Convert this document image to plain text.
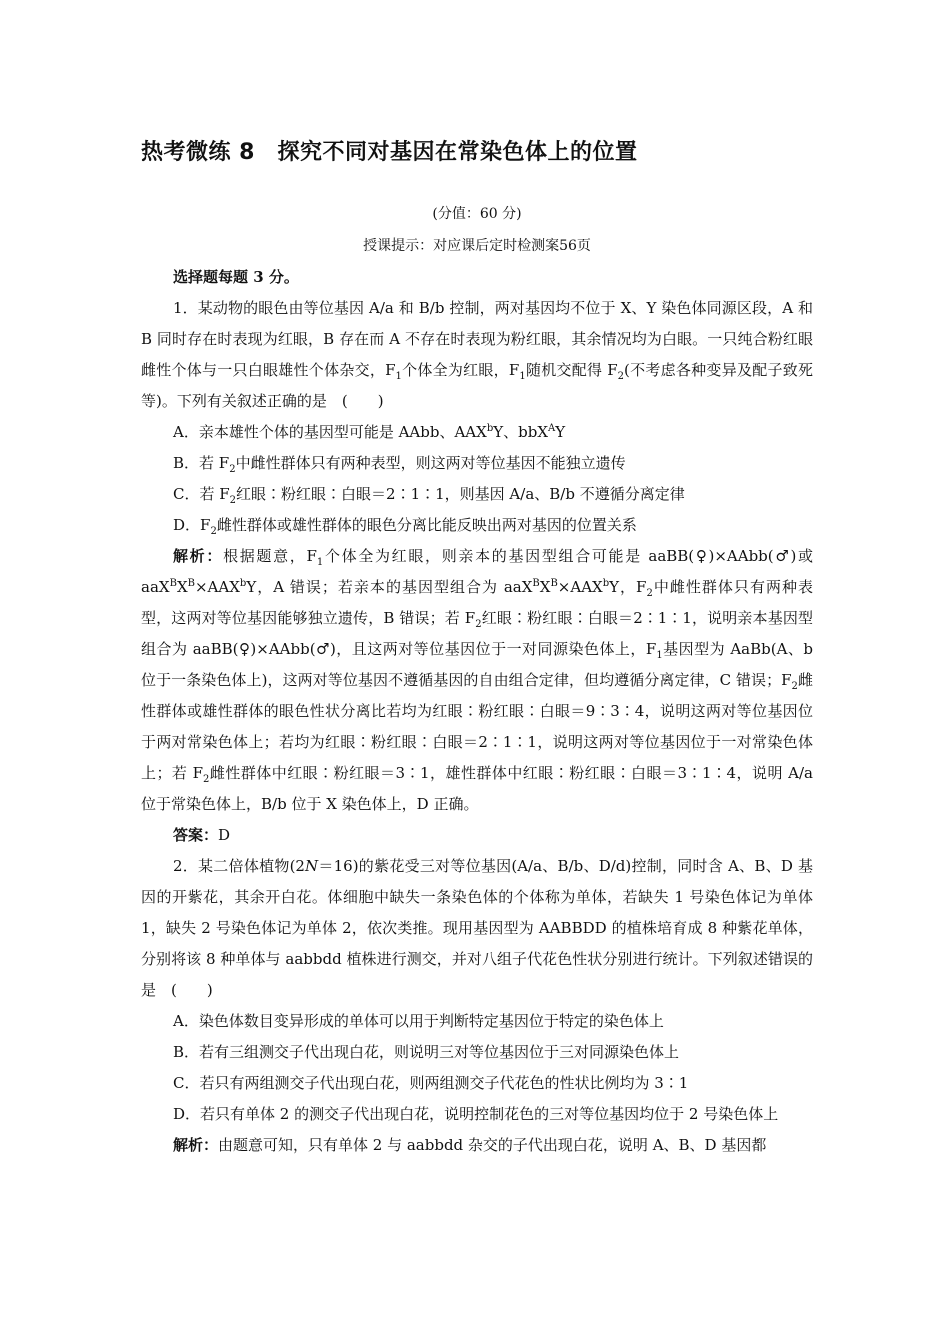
热考微练 8　探究不同对基因在常染色体上的位置
(分值：60 分)
授课提示：对应课后定时检测案56页

选择题每题 3 分。

1．某动物的眼色由等位基因 A/a 和 B/b 控制，两对基因均不位于 X、Y 染色体同源区段，A 和 B 同时存在时表现为红眼，B 存在而 A 不存在时表现为粉红眼，其余情况均为白眼。一只纯合粉红眼雌性个体与一只白眼雄性个体杂交，$F_1$个体全为红眼，$F_1$随机交配得 $F_2$(不考虑各种变异及配子致死等)。下列有关叙述正确的是　(　　)

A．亲本雄性个体的基因型可能是 AAbb、AAX$^b$Y、bbX$^A$Y

B．若 $F_2$中雌性群体只有两种表型，则这两对等位基因不能独立遗传

C．若 $F_2$红眼∶粉红眼∶白眼＝2∶1∶1，则基因 A/a、B/b 不遵循分离定律

D．$F_2$雌性群体或雄性群体的眼色分离比能反映出两对基因的位置关系

解析：根据题意，$F_1$个体全为红眼，则亲本的基因型组合可能是 aaBB(♀)×AAbb(♂)或 $aaX^BX^B\times AAX^bY$，A 错误；若亲本的基因型组合为 $aaX^BX^B\times AAX^bY$，$F_2$中雌性群体只有两种表型，这两对等位基因能够独立遗传，B 错误；若 $F_2$红眼∶粉红眼∶白眼＝2∶1∶1，说明亲本基因型组合为 aaBB(♀)×AAbb(♂)，且这两对等位基因位于一对同源染色体上，$F_1$基因型为 AaBb(A、b 位于一条染色体上)，这两对等位基因不遵循基因的自由组合定律，但均遵循分离定律，C 错误；$F_2$雌性群体或雄性群体的眼色性状分离比若均为红眼∶粉红眼∶白眼＝9∶3∶4，说明这两对等位基因位于两对常染色体上；若均为红眼∶粉红眼∶白眼＝2∶1∶1，说明这两对等位基因位于一对常染色体上；若 $F_2$雌性群体中红眼∶粉红眼＝3∶1，雄性群体中红眼∶粉红眼∶白眼＝3∶1∶4，说明 A/a 位于常染色体上，B/b 位于 X 染色体上，D 正确。

答案：D

2．某二倍体植物(2N＝16)的紫花受三对等位基因(A/a、B/b、D/d)控制，同时含 A、B、D 基因的开紫花，其余开白花。体细胞中缺失一条染色体的个体称为单体，若缺失 1 号染色体记为单体 1，缺失 2 号染色体记为单体 2，依次类推。现用基因型为 AABBDD 的植株培育成 8 种紫花单体，分别将该 8 种单体与 aabbdd 植株进行测交，并对八组子代花色性状分别进行统计。下列叙述错误的是　(　　)

A．染色体数目变异形成的单体可以用于判断特定基因位于特定的染色体上

B．若有三组测交子代出现白花，则说明三对等位基因位于三对同源染色体上

C．若只有两组测交子代出现白花，则两组测交子代花色的性状比例均为 3∶1

D．若只有单体 2 的测交子代出现白花，说明控制花色的三对等位基因均位于 2 号染色体上

解析：由题意可知，只有单体 2 与 aabbdd 杂交的子代出现白花，说明 A、B、D 基因都
